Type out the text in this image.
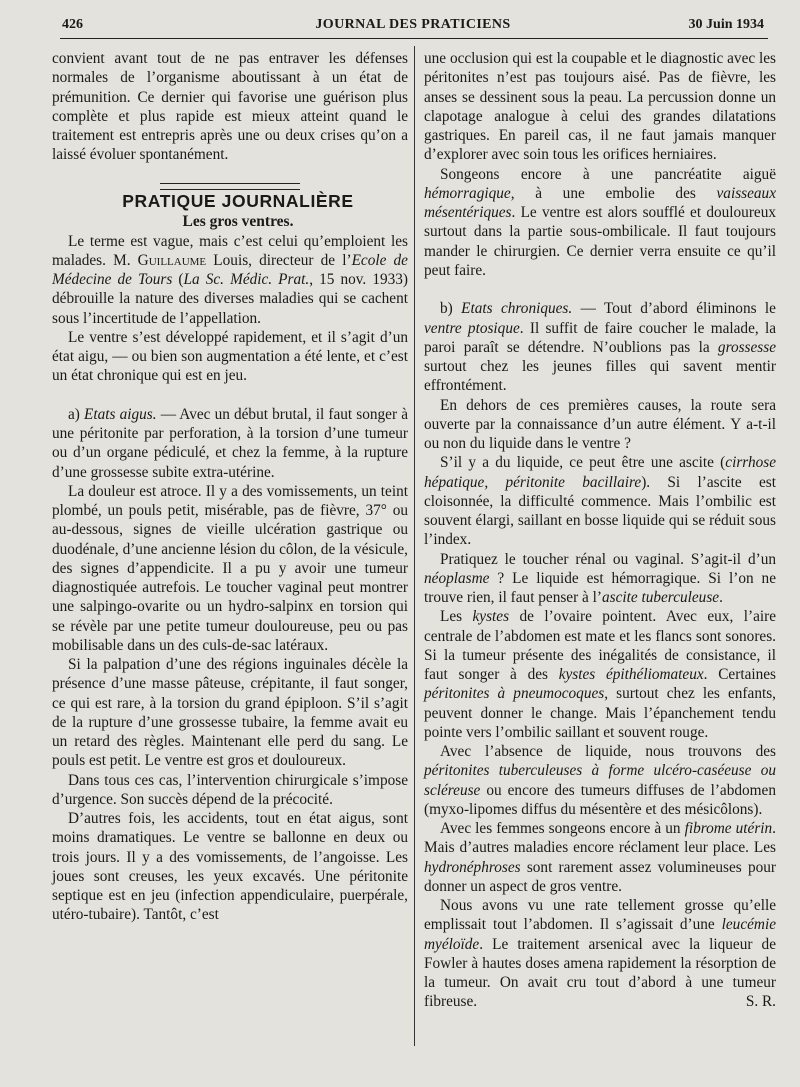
426	JOURNAL DES PRATICIENS	30 Juin 1934

convient avant tout de ne pas entraver les défenses normales de l’organisme aboutissant à un état de prémunition. Ce dernier qui favorise une guérison plus complète et plus rapide est mieux atteint quand le traitement est entrepris après une ou deux crises qu’on a laissé évoluer spontanément.

PRATIQUE JOURNALIÈRE

Les gros ventres.

Le terme est vague, mais c’est celui qu’emploient les malades. M. Guillaume Louis, directeur de l’Ecole de Médecine de Tours (La Sc. Médic. Prat., 15 nov. 1933) débrouille la nature des diverses maladies qui se cachent sous l’incertitude de l’appellation.

Le ventre s’est développé rapidement, et il s’agit d’un état aigu, — ou bien son augmentation a été lente, et c’est un état chronique qui est en jeu.

a) Etats aigus. — Avec un début brutal, il faut songer à une péritonite par perforation, à la torsion d’une tumeur ou d’un organe pédiculé, et chez la femme, à la rupture d’une grossesse subite extra-utérine.

La douleur est atroce. Il y a des vomissements, un teint plombé, un pouls petit, misérable, pas de fièvre, 37° ou au-dessous, signes de vieille ulcération gastrique ou duodénale, d’une ancienne lésion du côlon, de la vésicule, des signes d’appendicite. Il a pu y avoir une tumeur diagnostiquée autrefois. Le toucher vaginal peut montrer une salpingo-ovarite ou un hydro-salpinx en torsion qui se révèle par une petite tumeur douloureuse, peu ou pas mobilisable dans un des culs-de-sac latéraux.

Si la palpation d’une des régions inguinales décèle la présence d’une masse pâteuse, crépitante, il faut songer, ce qui est rare, à la torsion du grand épiploon. S’il s’agit de la rupture d’une grossesse tubaire, la femme avait eu un retard des règles. Maintenant elle perd du sang. Le pouls est petit. Le ventre est gros et douloureux.

Dans tous ces cas, l’intervention chirurgicale s’impose d’urgence. Son succès dépend de la précocité.

D’autres fois, les accidents, tout en état aigus, sont moins dramatiques. Le ventre se ballonne en deux ou trois jours. Il y a des vomissements, de l’angoisse. Les joues sont creuses, les yeux excavés. Une péritonite septique est en jeu (infection appendiculaire, puerpérale, utéro-tubaire). Tantôt, c’est

une occlusion qui est la coupable et le diagnostic avec les péritonites n’est pas toujours aisé. Pas de fièvre, les anses se dessinent sous la peau. La percussion donne un clapotage analogue à celui des grandes dilatations gastriques. En pareil cas, il ne faut jamais manquer d’explorer avec soin tous les orifices herniaires.

Songeons encore à une pancréatite aiguë hémorragique, à une embolie des vaisseaux mésentériques. Le ventre est alors soufflé et douloureux surtout dans la partie sous-ombilicale. Il faut toujours mander le chirurgien. Ce dernier verra ensuite ce qu’il peut faire.

b) Etats chroniques. — Tout d’abord éliminons le ventre ptosique. Il suffit de faire coucher le malade, la paroi paraît se détendre. N’oublions pas la grossesse surtout chez les jeunes filles qui savent mentir effrontément.

En dehors de ces premières causes, la route sera ouverte par la connaissance d’un autre élément. Y a-t-il ou non du liquide dans le ventre ?

S’il y a du liquide, ce peut être une ascite (cirrhose hépatique, péritonite bacillaire). Si l’ascite est cloisonnée, la difficulté commence. Mais l’ombilic est souvent élargi, saillant en bosse liquide qui se réduit sous l’index.

Pratiquez le toucher rénal ou vaginal. S’agit-il d’un néoplasme ? Le liquide est hémorragique. Si l’on ne trouve rien, il faut penser à l’ascite tuberculeuse.

Les kystes de l’ovaire pointent. Avec eux, l’aire centrale de l’abdomen est mate et les flancs sont sonores. Si la tumeur présente des inégalités de consistance, il faut songer à des kystes épithéliomateux. Certaines péritonites à pneumocoques, surtout chez les enfants, peuvent donner le change. Mais l’épanchement tendu pointe vers l’ombilic saillant et souvent rouge.

Avec l’absence de liquide, nous trouvons des péritonites tuberculeuses à forme ulcéro-caséeuse ou scléreuse ou encore des tumeurs diffuses de l’abdomen (myxo-lipomes diffus du mésentère et des mésicôlons).

Avec les femmes songeons encore à un fibrome utérin. Mais d’autres maladies encore réclament leur place. Les hydronéphroses sont rarement assez volumineuses pour donner un aspect de gros ventre.

Nous avons vu une rate tellement grosse qu’elle emplissait tout l’abdomen. Il s’agissait d’une leucémie myéloïde. Le traitement arsenical avec la liqueur de Fowler à hautes doses amena rapidement la résorption de la tumeur. On avait cru tout d’abord à une tumeur fibreuse.	S. R.
